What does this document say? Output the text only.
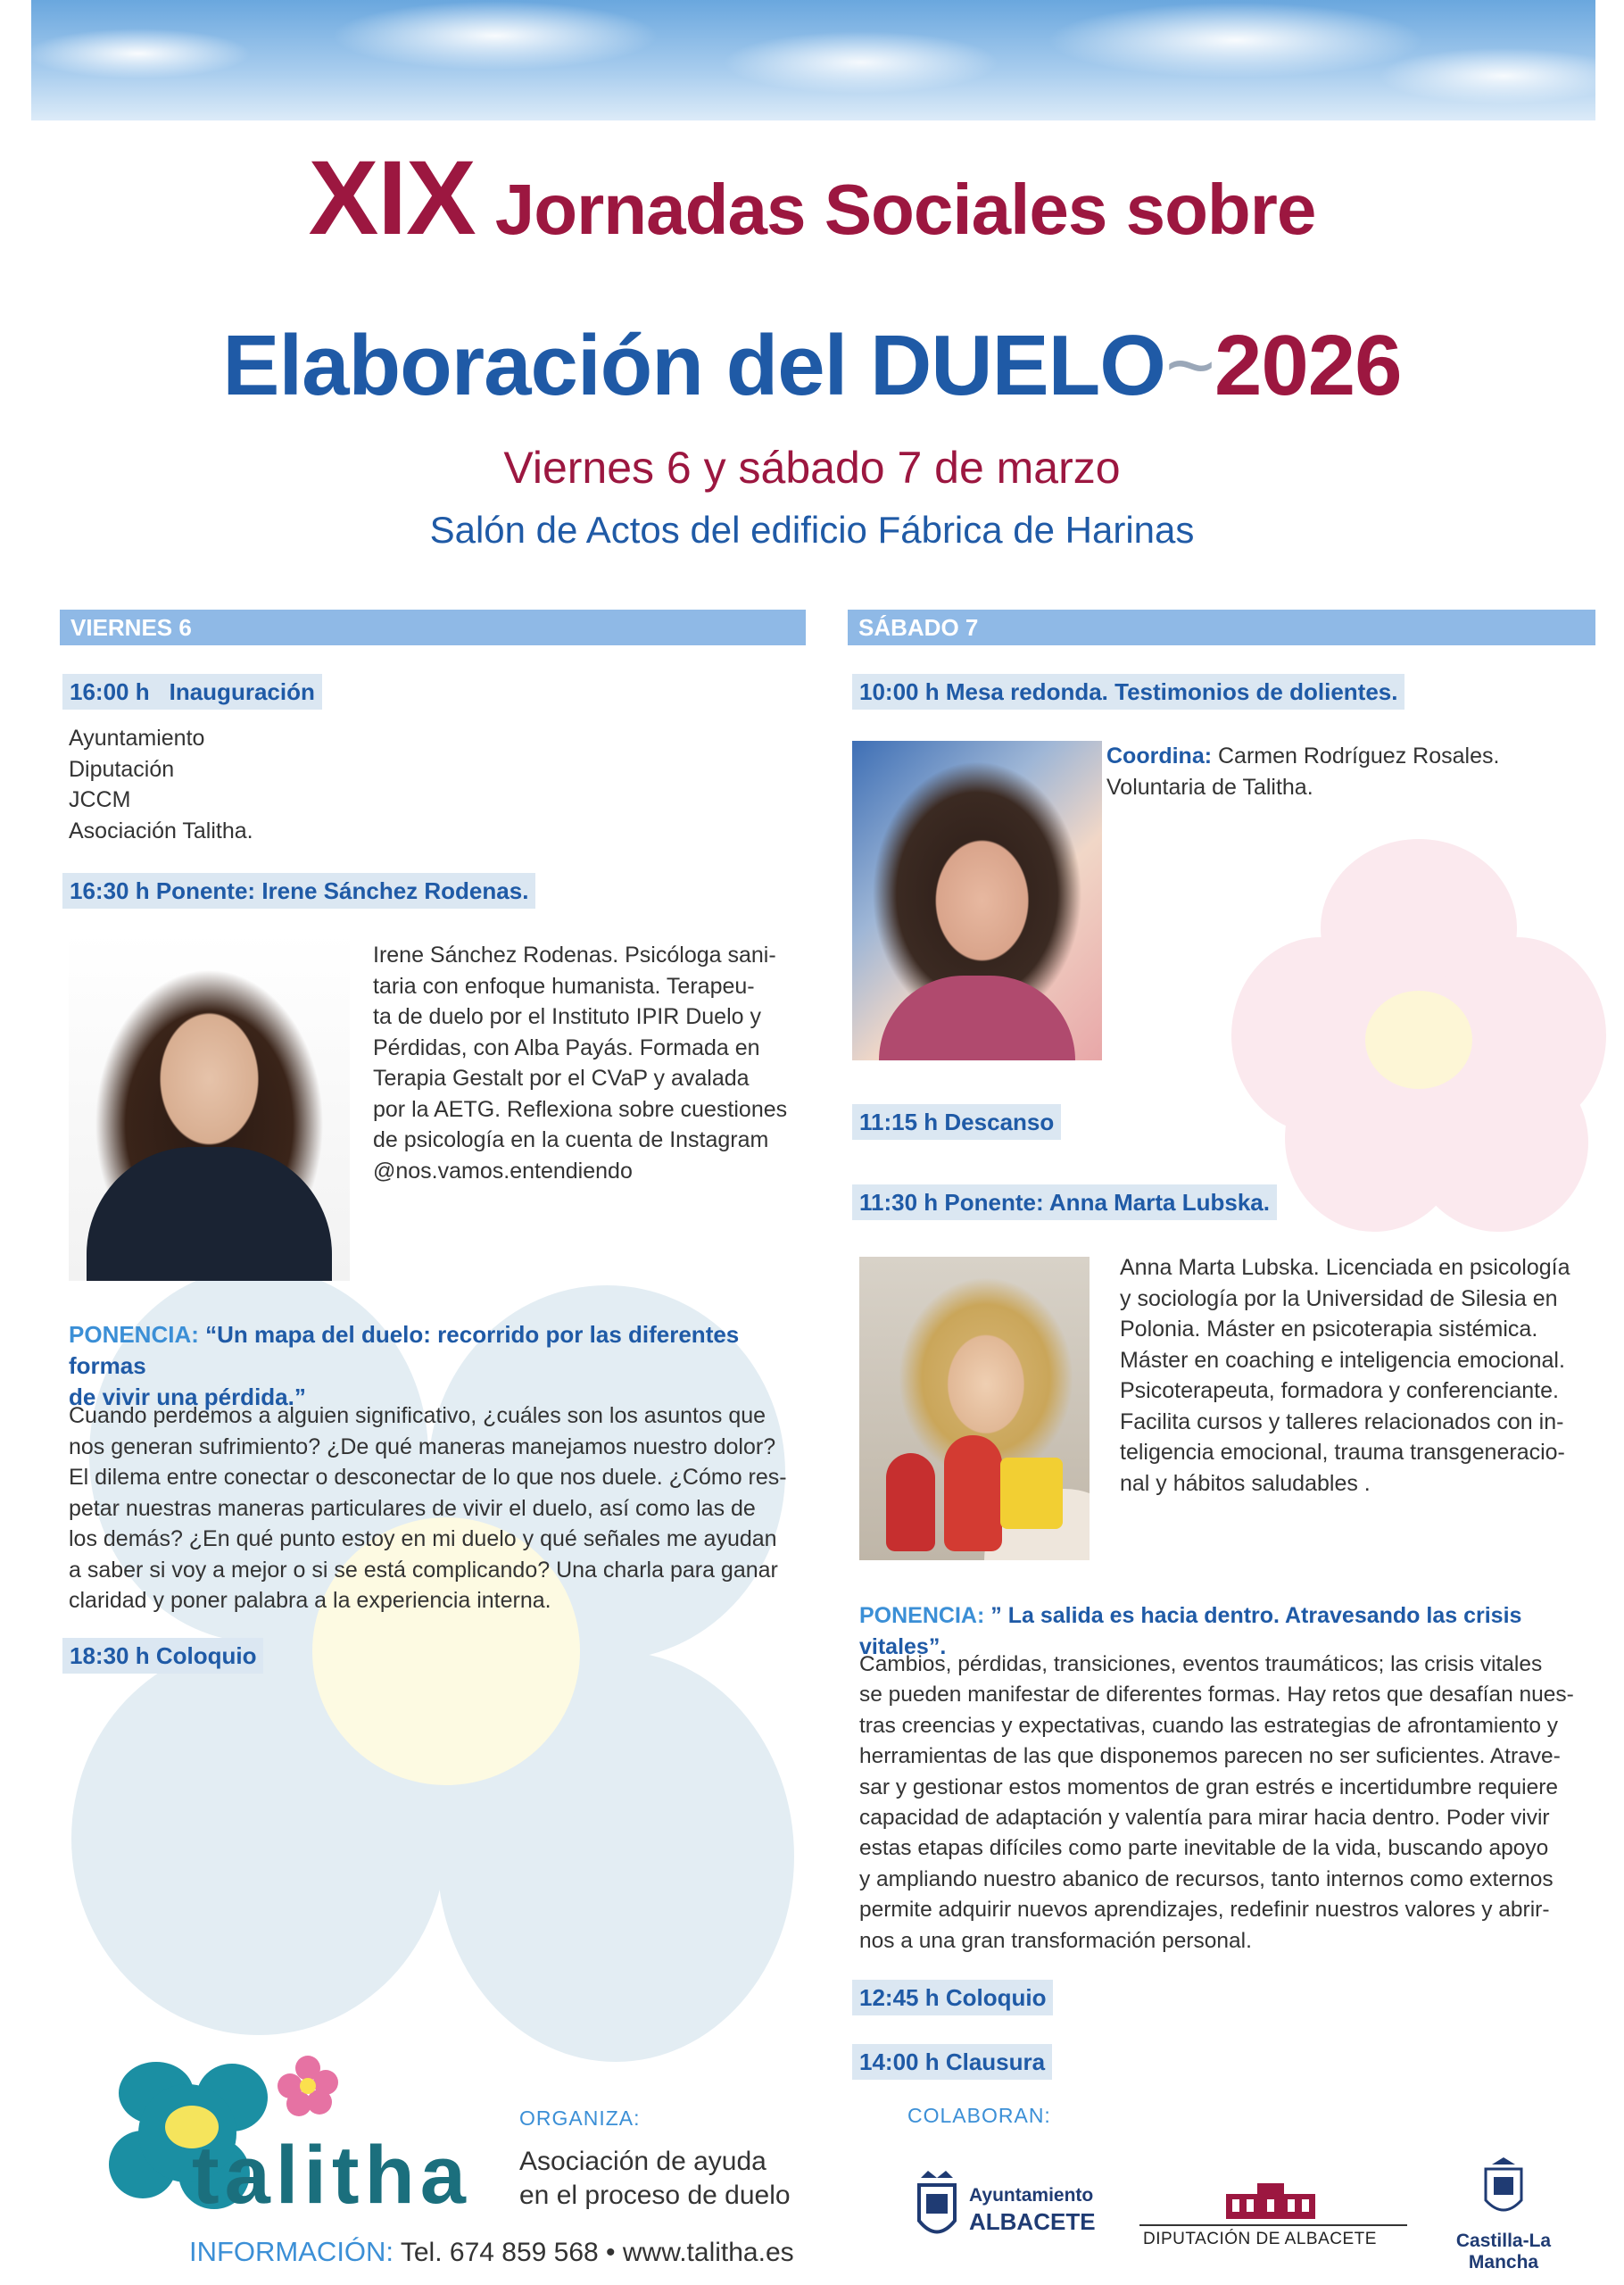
XIX Jornadas Sociales sobre
Elaboración del DUELO~2026
Viernes 6 y sábado 7 de marzo
Salón de Actos del edificio Fábrica de Harinas
VIERNES 6
16:00 h Inauguración
Ayuntamiento
Diputación
JCCM
Asociación Talitha.
16:30 h Ponente: Irene Sánchez Rodenas.
Irene Sánchez Rodenas. Psicóloga sani-
taria con enfoque humanista. Terapeu-
ta de duelo por el Instituto IPIR Duelo y
Pérdidas, con Alba Payás. Formada en
Terapia Gestalt por el CVaP y avalada
por la AETG. Reflexiona sobre cuestiones
de psicología en la cuenta de Instagram
@nos.vamos.entendiendo
PONENCIA: “Un mapa del duelo: recorrido por las diferentes formas
de vivir una pérdida.”
Cuando perdemos a alguien significativo, ¿cuáles son los asuntos que
nos generan sufrimiento? ¿De qué maneras manejamos nuestro dolor?
El dilema entre conectar o desconectar de lo que nos duele. ¿Cómo res-
petar nuestras maneras particulares de vivir el duelo, así como las de
los demás? ¿En qué punto estoy en mi duelo y qué señales me ayudan
a saber si voy a mejor o si se está complicando? Una charla para ganar
claridad y poner palabra a la experiencia interna.
18:30 h Coloquio
SÁBADO 7
10:00 h Mesa redonda. Testimonios de dolientes.
Coordina: Carmen Rodríguez Rosales.
Voluntaria de Talitha.
11:15 h Descanso
11:30 h Ponente: Anna Marta Lubska.
Anna Marta Lubska. Licenciada en psicología
y sociología por la Universidad de Silesia en
Polonia. Máster en psicoterapia sistémica.
Máster en coaching e inteligencia emocional.
Psicoterapeuta, formadora y conferenciante.
Facilita cursos y talleres relacionados con in-
teligencia emocional, trauma transgeneracio-
nal y hábitos saludables .
PONENCIA: ” La salida es hacia dentro. Atravesando las crisis vitales”.
Cambios, pérdidas, transiciones, eventos traumáticos; las crisis vitales
se pueden manifestar de diferentes formas. Hay retos que desafían nues-
tras creencias y expectativas, cuando las estrategias de afrontamiento y
herramientas de las que disponemos parecen no ser suficientes. Atrave-
sar y gestionar estos momentos de gran estrés e incertidumbre requiere
capacidad de adaptación y valentía para mirar hacia dentro. Poder vivir
estas etapas difíciles como parte inevitable de la vida, buscando apoyo
y ampliando nuestro abanico de recursos, tanto internos como externos
permite adquirir nuevos aprendizajes, redefinir nuestros valores y abrir-
nos a una gran transformación personal.
12:45 h Coloquio
14:00 h Clausura
talitha
ORGANIZA:
Asociación de ayuda
en el proceso de duelo
INFORMACIÓN: Tel. 674 859 568 • www.talitha.es
COLABORAN:
Ayuntamiento
ALBACETE
DIPUTACIÓN DE ALBACETE	Castilla-La Mancha
